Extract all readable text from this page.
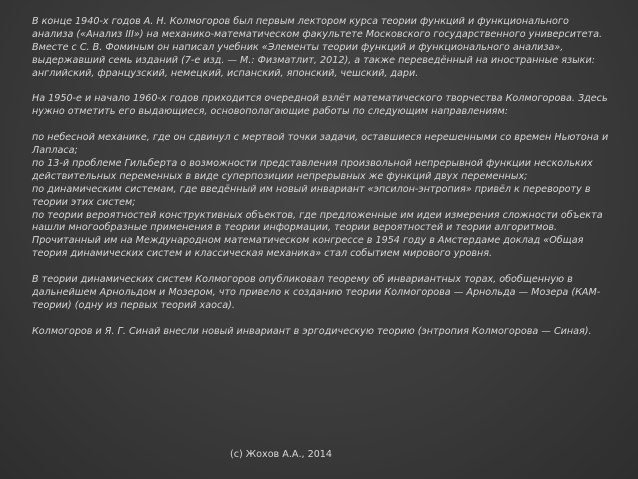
В конце 1940-х годов А. Н. Колмогоров был первым лектором курса теории функций и функционального анализа («Анализ III») на механико-математическом факультете Московского государственного университета. Вместе с С. В. Фоминым он написал учебник «Элементы теории функций и функционального анализа», выдержавший семь изданий (7-е изд. — М.: Физматлит, 2012), а также переведённый на иностранные языки: английский, французский, немецкий, испанский, японский, чешский, дари.

На 1950-е и начало 1960-х годов приходится очередной взлёт математического творчества Колмогорова. Здесь нужно отметить его выдающиеся, основополагающие работы по следующим направлениям:

по небесной механике, где он сдвинул с мертвой точки задачи, оставшиеся нерешенными со времен Ньютона и Лапласа;

по 13-й проблеме Гильберта о возможности представления произвольной непрерывной функции нескольких действительных переменных в виде суперпозиции непрерывных же функций двух переменных;

по динамическим системам, где введённый им новый инвариант «эпсилон-энтропия» привёл к перевороту в теории этих систем;

по теории вероятностей конструктивных объектов, где предложенные им идеи измерения сложности объекта нашли многообразные применения в теории информации, теории вероятностей и теории алгоритмов.

Прочитанный им на Международном математическом конгрессе в 1954 году в Амстердаме доклад «Общая теория динамических систем и классическая механика» стал событием мирового уровня.

В теории динамических систем Колмогоров опубликовал теорему об инвариантных торах, обобщенную в дальнейшем Арнольдом и Мозером, что привело к созданию теории Колмогорова — Арнольда — Мозера (КАМ-теории) (одну из первых теорий хаоса).

Колмогоров и Я. Г. Синай внесли новый инвариант в эргодическую теорию (энтропия Колмогорова — Синая).

(с) Жохов А.А., 2014
